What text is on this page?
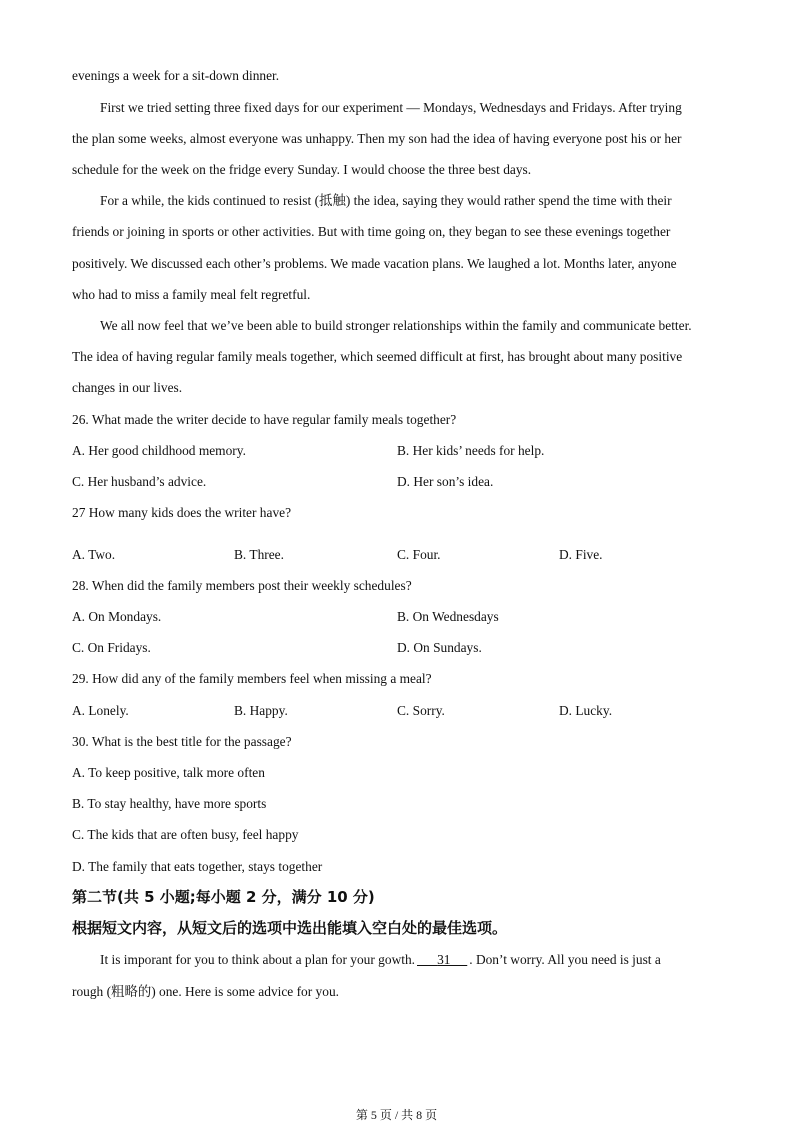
evenings a week for a sit-down dinner.
First we tried setting three fixed days for our experiment — Mondays, Wednesdays and Fridays. After trying
the plan some weeks, almost everyone was unhappy. Then my son had the idea of having everyone post his or her
schedule for the week on the fridge every Sunday. I would choose the three best days.
For a while, the kids continued to resist (抵触) the idea, saying they would rather spend the time with their
friends or joining in sports or other activities. But with time going on, they began to see these evenings together
positively. We discussed each other’s problems. We made vacation plans. We laughed a lot. Months later, anyone
who had to miss a family meal felt regretful.
We all now feel that we’ve been able to build stronger relationships within the family and communicate better.
The idea of having regular family meals together, which seemed difficult at first, has brought about many positive
changes in our lives.
26. What made the writer decide to have regular family meals together?
A. Her good childhood memory.	B. Her kids’ needs for help.
C. Her husband’s advice.	D. Her son’s idea.
27 How many kids does the writer have?
A. Two.	B. Three.	C. Four.	D. Five.
28. When did the family members post their weekly schedules?
A. On Mondays.	B. On Wednesdays
C. On Fridays.	D. On Sundays.
29. How did any of the family members feel when missing a meal?
A. Lonely.	B. Happy.	C. Sorry.	D. Lucky.
30. What is the best title for the passage?
A. To keep positive, talk more often
B. To stay healthy, have more sports
C. The kids that are often busy, feel happy
D. The family that eats together, stays together
第二节(共 5 小题;每小题 2 分，满分 10 分)
根据短文内容，从短文后的选项中选出能填入空白处的最佳选项。
It is imporant for you to think about a plan for your gowth. 31 . Don’t worry. All you need is just a
rough (粗略的) one. Here is some advice for you.
第 5 页 / 共 8 页
